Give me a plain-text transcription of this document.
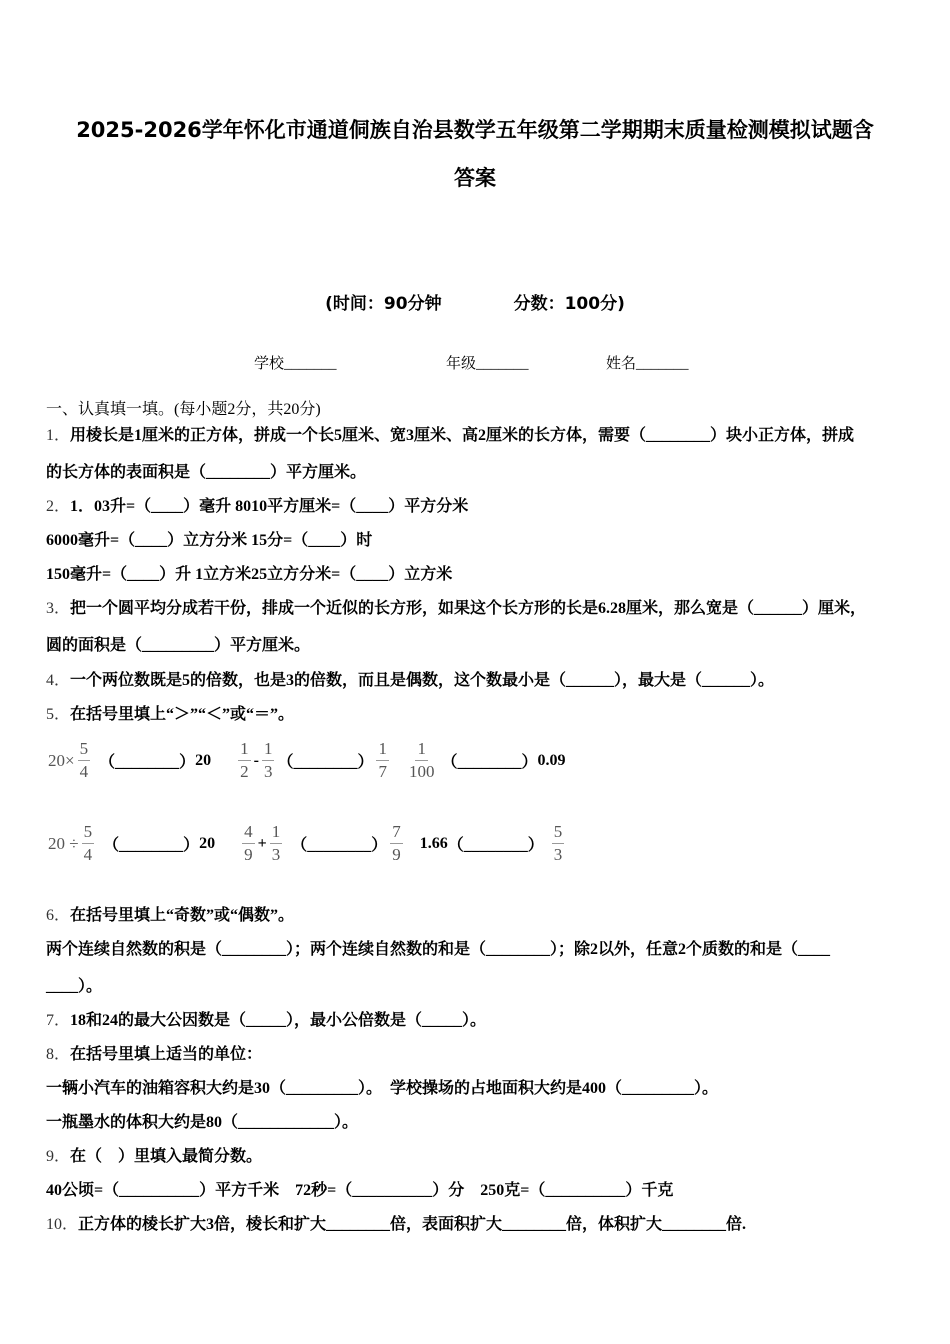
2025-2026学年怀化市通道侗族自治县数学五年级第二学期期末质量检测模拟试题含
答案
(时间：90分钟	分数：100分)
学校_______	年级_______	姓名_______
一、认真填一填。(每小题2分，共20分)
1．用棱长是1厘米的正方体，拼成一个长5厘米、宽3厘米、高2厘米的长方体，需要（________）块小正方体，拼成
的长方体的表面积是（________）平方厘米。
2．1．03升=（____）毫升 8010平方厘米=（____）平方分米
6000毫升=（____）立方分米 15分=（____）时
150毫升=（____）升 1立方米25立方分米=（____）立方米
3．把一个圆平均分成若干份，排成一个近似的长方形，如果这个长方形的长是6.28厘米，那么宽是（______）厘米，
圆的面积是（_________）平方厘米。
4．一个两位数既是5的倍数，也是3的倍数，而且是偶数，这个数最小是（______），最大是（______）。
5．在括号里填上“＞”“＜”或“＝”。
$20\times \frac{5}{4}$ （________） $20 \frac{1}{2} - \frac{1}{3}$ （________） $\frac{1}{7} \frac{1}{100}$ （________） 0.09
$20 \div \frac{5}{4}$ （________） $20 \frac{4}{9} + \frac{1}{3}$ （________） $\frac{7}{9} 1.66$ （________） $\frac{5}{3}$
6．在括号里填上“奇数”或“偶数”。
两个连续自然数的积是（________）；两个连续自然数的和是（________）；除2以外，任意2个质数的和是（____
____）。
7．18和24的最大公因数是（_____），最小公倍数是（_____）。
8．在括号里填上适当的单位：
一辆小汽车的油箱容积大约是30（_________）。　学校操场的占地面积大约是400（_________）。
一瓶墨水的体积大约是80（____________）。
9．在（　）里填入最简分数。
40公顷=（__________）平方千米　72秒=（__________）分　250克=（__________）千克
10．正方体的棱长扩大3倍，棱长和扩大________倍，表面积扩大________倍，体积扩大________倍.
